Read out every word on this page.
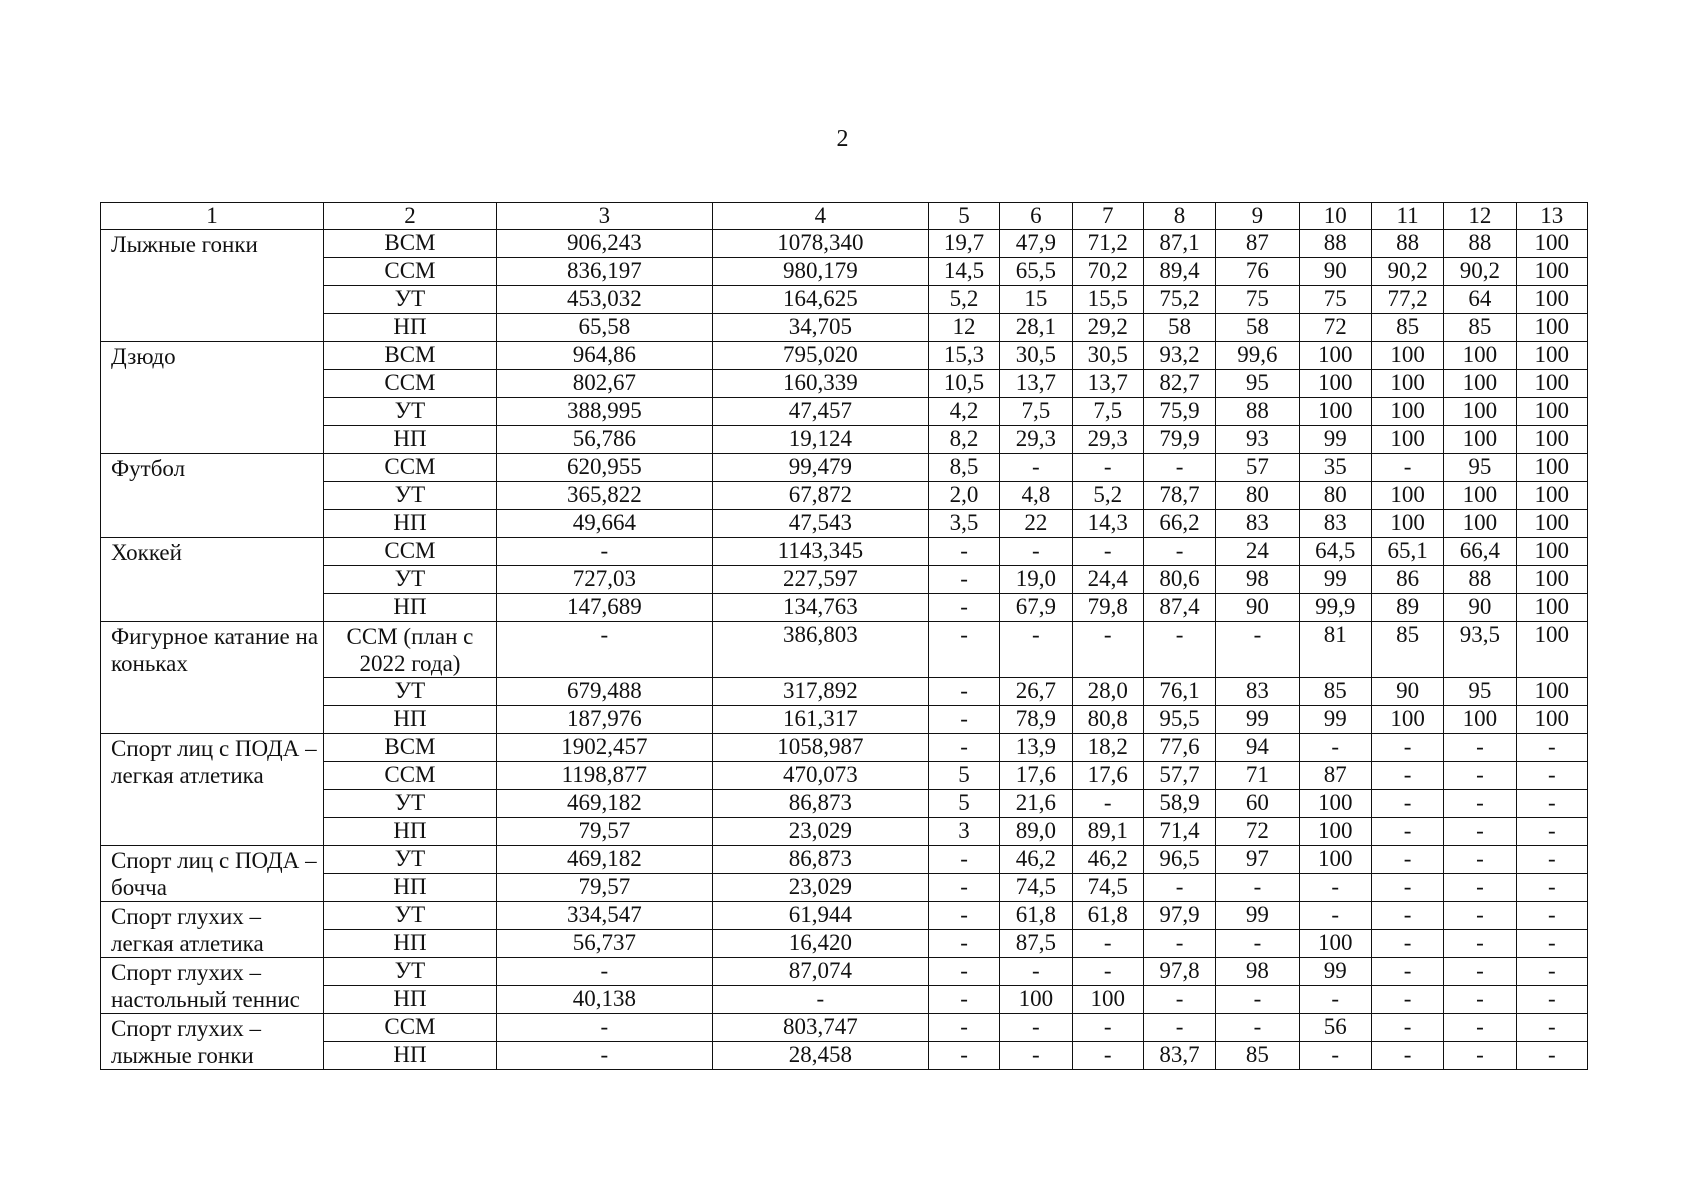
2
1	2	3	4	5	6	7	8	9	10	11	12	13
Лыжные гонки	ВСМ	906,243	1078,340	19,7	47,9	71,2	87,1	87	88	88	88	100
	ССМ	836,197	980,179	14,5	65,5	70,2	89,4	76	90	90,2	90,2	100
	УТ	453,032	164,625	5,2	15	15,5	75,2	75	75	77,2	64	100
	НП	65,58	34,705	12	28,1	29,2	58	58	72	85	85	100
Дзюдо	ВСМ	964,86	795,020	15,3	30,5	30,5	93,2	99,6	100	100	100	100
	ССМ	802,67	160,339	10,5	13,7	13,7	82,7	95	100	100	100	100
	УТ	388,995	47,457	4,2	7,5	7,5	75,9	88	100	100	100	100
	НП	56,786	19,124	8,2	29,3	29,3	79,9	93	99	100	100	100
Футбол	ССМ	620,955	99,479	8,5	-	-	-	57	35	-	95	100
	УТ	365,822	67,872	2,0	4,8	5,2	78,7	80	80	100	100	100
	НП	49,664	47,543	3,5	22	14,3	66,2	83	83	100	100	100
Хоккей	ССМ	-	1143,345	-	-	-	-	24	64,5	65,1	66,4	100
	УТ	727,03	227,597	-	19,0	24,4	80,6	98	99	86	88	100
	НП	147,689	134,763	-	67,9	79,8	87,4	90	99,9	89	90	100
Фигурное катание на коньках	ССМ (план с 2022 года)	-	386,803	-	-	-	-	-	81	85	93,5	100
	УТ	679,488	317,892	-	26,7	28,0	76,1	83	85	90	95	100
	НП	187,976	161,317	-	78,9	80,8	95,5	99	99	100	100	100
Спорт лиц с ПОДА – легкая атлетика	ВСМ	1902,457	1058,987	-	13,9	18,2	77,6	94	-	-	-	-
	ССМ	1198,877	470,073	5	17,6	17,6	57,7	71	87	-	-	-
	УТ	469,182	86,873	5	21,6	-	58,9	60	100	-	-	-
	НП	79,57	23,029	3	89,0	89,1	71,4	72	100	-	-	-
Спорт лиц с ПОДА – бочча	УТ	469,182	86,873	-	46,2	46,2	96,5	97	100	-	-	-
	НП	79,57	23,029	-	74,5	74,5	-	-	-	-	-	-
Спорт глухих – легкая атлетика	УТ	334,547	61,944	-	61,8	61,8	97,9	99	-	-	-	-
	НП	56,737	16,420	-	87,5	-	-	-	100	-	-	-
Спорт глухих – настольный теннис	УТ	-	87,074	-	-	-	97,8	98	99	-	-	-
	НП	40,138	-	-	100	100	-	-	-	-	-	-
Спорт глухих – лыжные гонки	ССМ	-	803,747	-	-	-	-	-	56	-	-	-
	НП	-	28,458	-	-	-	83,7	85	-	-	-	-
